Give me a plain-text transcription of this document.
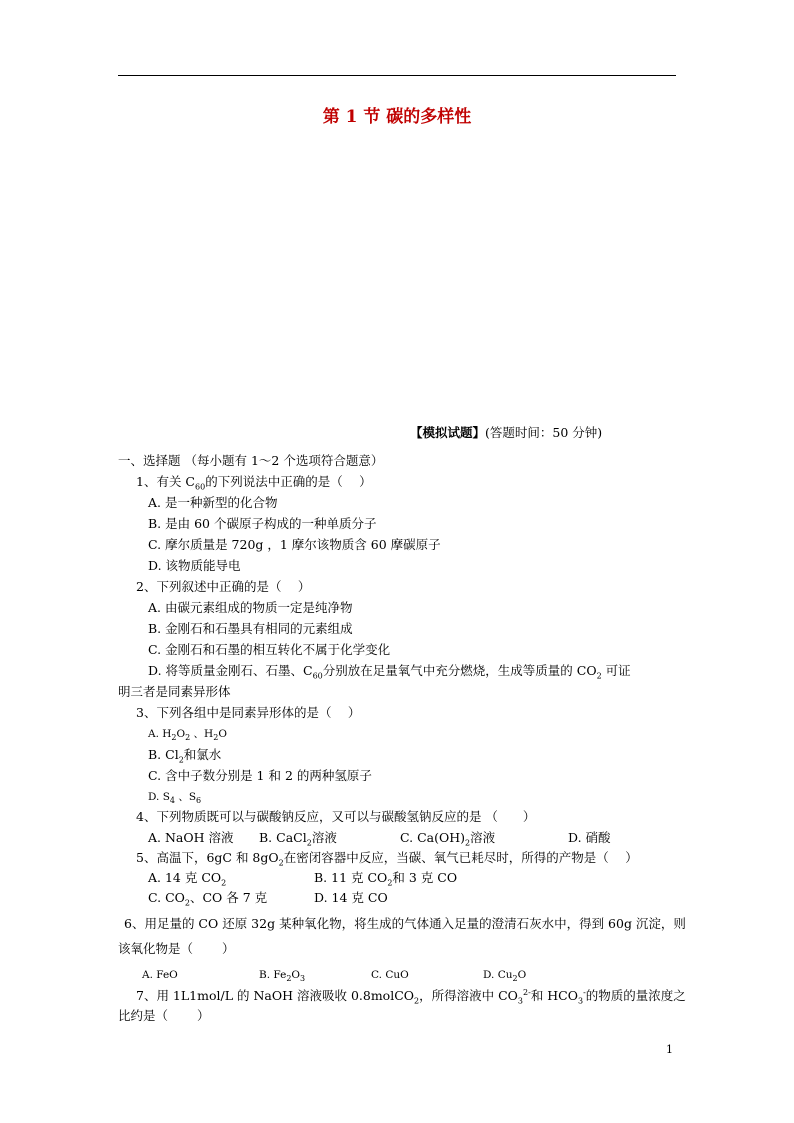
第 1 节 碳的多样性
【模拟试题】(答题时间：50 分钟)
一、选择题 （每小题有 1～2 个选项符合题意）
1、有关 $C_{60}$的下列说法中正确的是（　 ）
A. 是一种新型的化合物
B. 是由 60 个碳原子构成的一种单质分子
C. 摩尔质量是 720g ，1 摩尔该物质含 60 摩碳原子
D. 该物质能导电
2、下列叙述中正确的是（　 ）
A. 由碳元素组成的物质一定是纯净物
B. 金刚石和石墨具有相同的元素组成
C. 金刚石和石墨的相互转化不属于化学变化
D. 将等质量金刚石、石墨、$C_{60}$分别放在足量氧气中充分燃烧，生成等质量的 $CO_2$ 可证
明三者是同素异形体
3、下列各组中是同素异形体的是（　 ）
A. $H_2O_2$ 、$H_2O$
B. $Cl_2$和氯水
C. 含中子数分别是 1 和 2 的两种氢原子
D. $S_4$ 、$S_6$
4、下列物质既可以与碳酸钠反应，又可以与碳酸氢钠反应的是 （　　）
A. NaOH 溶液 B. CaCl$_2$溶液	C. $Ca(OH)_2$溶液	D. 硝酸
5、高温下，6gC 和 $8gO_2$在密闭容器中反应，当碳、氧气已耗尽时，所得的产物是（　 ）
A. 14 克 $CO_2$	B. 11 克 $CO_2$和 3 克 CO
C. $CO_2$、CO 各 7 克	D. 14 克 CO
6、用足量的 CO 还原 32g 某种氧化物，将生成的气体通入足量的澄清石灰水中，得到 60g 沉淀，则
该氧化物是（　 　）
A. FeO	B. $Fe_2O_3$	C. CuO	D. $Cu_2O$
7、用 1L1mol/L 的 NaOH 溶液吸收 0.8molCO$_2$，所得溶液中 $CO_3^{2-}$和 $HCO_3^-$的物质的量浓度之
比约是（　　 ）
1
